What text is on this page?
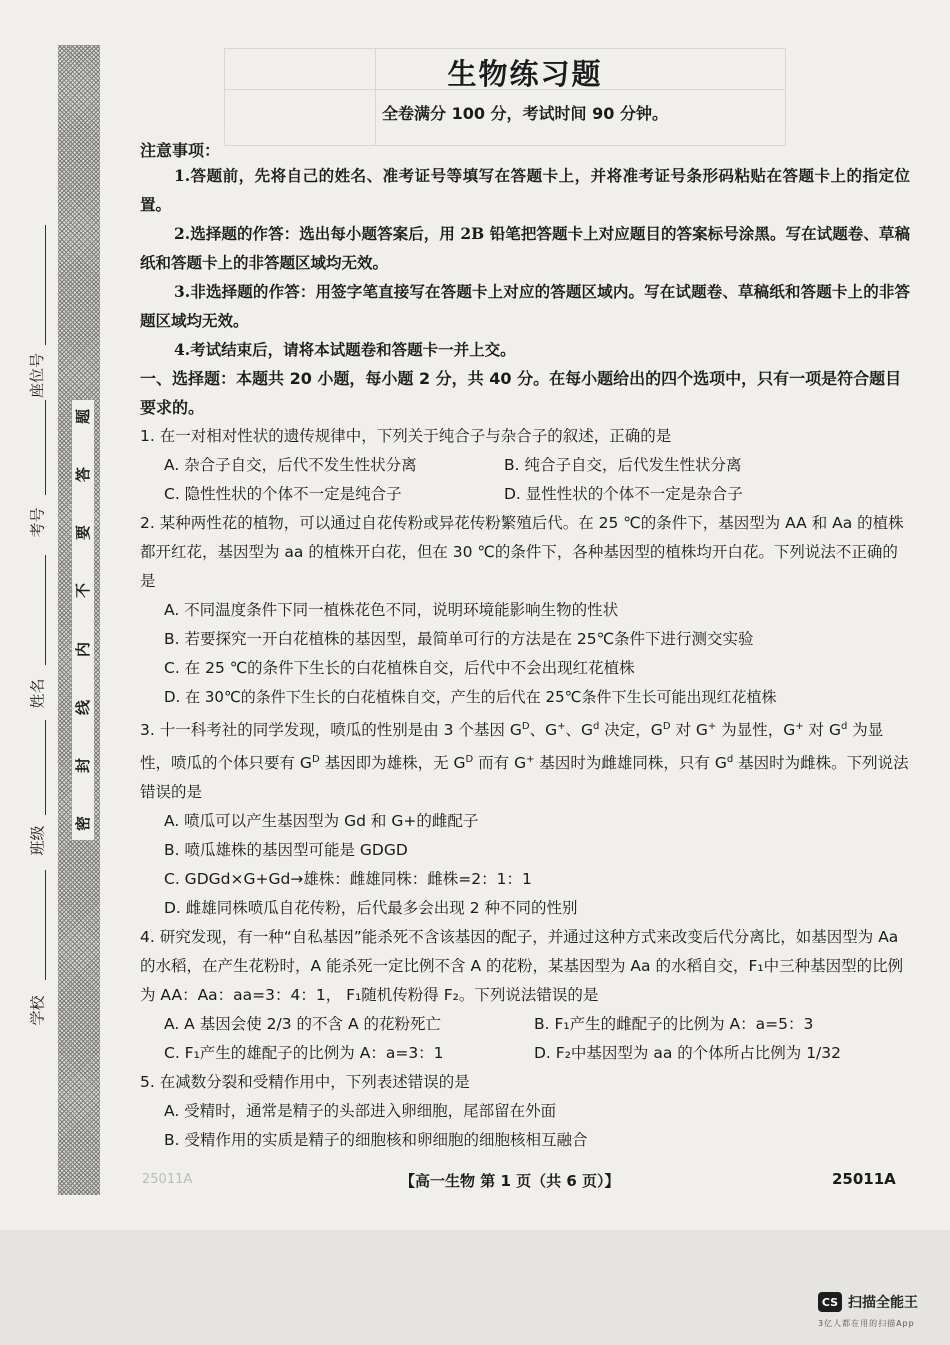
题
答
要
不
内
线
封
密
座位号
考号
姓名
班级
学校
生物练习题
全卷满分 100 分，考试时间 90 分钟。
注意事项：

1.答题前，先将自己的姓名、准考证号等填写在答题卡上，并将准考证号条形码粘贴在答题卡上的指定位置。

2.选择题的作答：选出每小题答案后，用 2B 铅笔把答题卡上对应题目的答案标号涂黑。写在试题卷、草稿纸和答题卡上的非答题区域均无效。

3.非选择题的作答：用签字笔直接写在答题卡上对应的答题区域内。写在试题卷、草稿纸和答题卡上的非答题区域均无效。

4.考试结束后，请将本试题卷和答题卡一并上交。

一、选择题：本题共 20 小题，每小题 2 分，共 40 分。在每小题给出的四个选项中，只有一项是符合题目要求的。

1. 在一对相对性状的遗传规律中，下列关于纯合子与杂合子的叙述，正确的是

A. 杂合子自交，后代不发生性状分离	B. 纯合子自交，后代发生性状分离
C. 隐性性状的个体不一定是纯合子	D. 显性性状的个体不一定是杂合子

2. 某种两性花的植物，可以通过自花传粉或异花传粉繁殖后代。在 25 ℃的条件下，基因型为 AA 和 Aa 的植株都开红花，基因型为 aa 的植株开白花，但在 30 ℃的条件下，各种基因型的植株均开白花。下列说法不正确的是

A. 不同温度条件下同一植株花色不同，说明环境能影响生物的性状

B. 若要探究一开白花植株的基因型，最简单可行的方法是在 25℃条件下进行测交实验

C. 在 25 ℃的条件下生长的白花植株自交，后代中不会出现红花植株

D. 在 30℃的条件下生长的白花植株自交，产生的后代在 25℃条件下生长可能出现红花植株

3. 十一科考社的同学发现，喷瓜的性别是由 3 个基因 $G^D$、G+、$G^d$ 决定，$G^D$ 对 G+ 为显性，G+ 对 $G^d$ 为显性，喷瓜的个体只要有 $G^D$ 基因即为雄株，无 $G^D$ 而有 G+ 基因时为雌雄同株，只有 $G^d$ 基因时为雌株。下列说法错误的是

A. 喷瓜可以产生基因型为 Gd 和 G+的雌配子

B. 喷瓜雄株的基因型可能是 GDGD

C. GDGd×G+Gd→雄株：雌雄同株：雌株=2：1：1

D. 雌雄同株喷瓜自花传粉，后代最多会出现 2 种不同的性别

4. 研究发现，有一种“自私基因”能杀死不含该基因的配子，并通过这种方式来改变后代分离比，如基因型为 Aa 的水稻，在产生花粉时，A 能杀死一定比例不含 A 的花粉，某基因型为 Aa 的水稻自交，F₁中三种基因型的比例为 AA：Aa：aa=3：4：1， F₁随机传粉得 F₂。下列说法错误的是

A. A 基因会使 2/3 的不含 A 的花粉死亡	B. F₁产生的雌配子的比例为 A：a=5：3
C. F₁产生的雄配子的比例为 A：a=3：1	D. F₂中基因型为 aa 的个体所占比例为 1/32

5. 在减数分裂和受精作用中，下列表述错误的是

A. 受精时，通常是精子的头部进入卵细胞，尾部留在外面

B. 受精作用的实质是精子的细胞核和卵细胞的细胞核相互融合

25011A	【高一生物 第 1 页（共 6 页）】	25011A
CS 扫描全能王
3亿人都在用的扫描App
